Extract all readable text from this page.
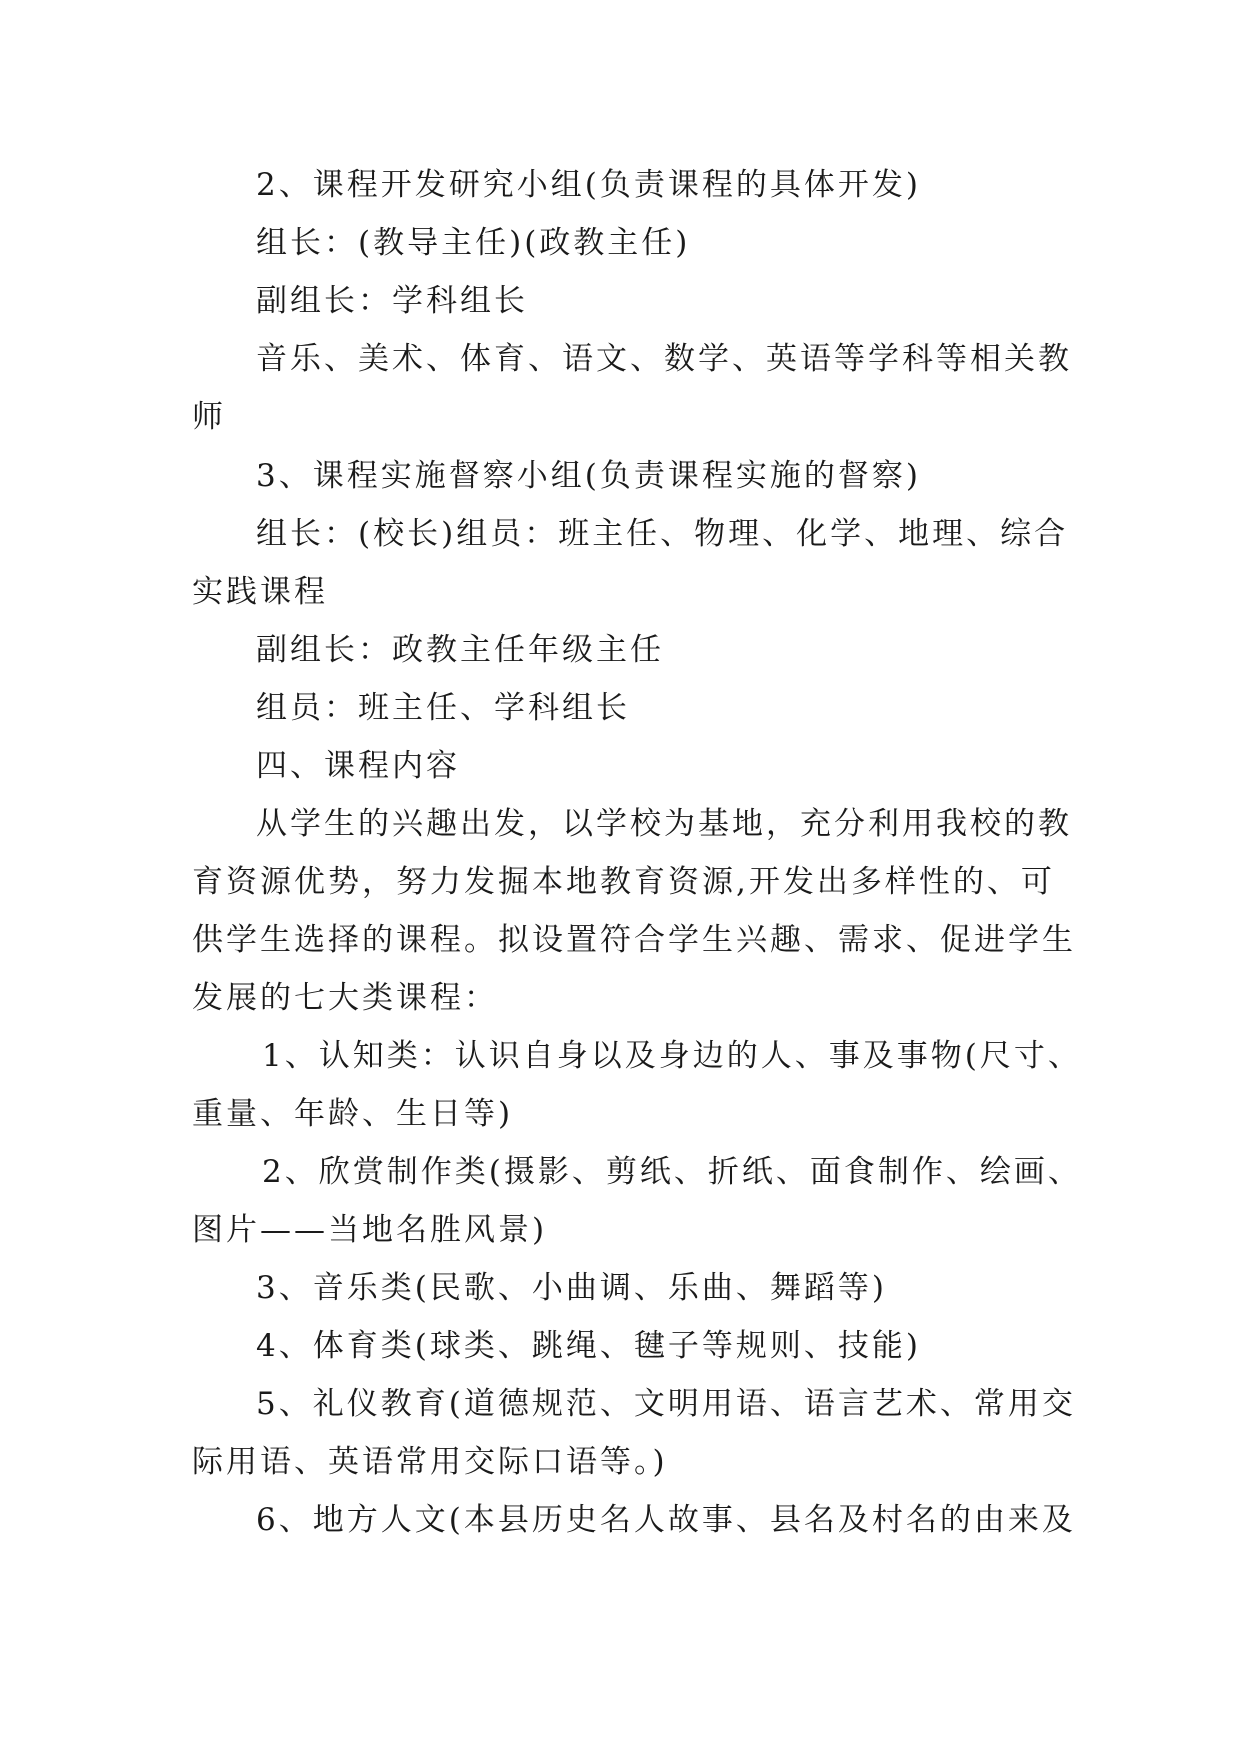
2、课程开发研究小组(负责课程的具体开发)
组长：(教导主任)(政教主任)
副组长：学科组长
音乐、美术、体育、语文、数学、英语等学科等相关教
师
3、课程实施督察小组(负责课程实施的督察)
组长：(校长)组员：班主任、物理、化学、地理、综合
实践课程
副组长：政教主任年级主任
组员：班主任、学科组长
四、课程内容
从学生的兴趣出发，以学校为基地，充分利用我校的教
育资源优势，努力发掘本地教育资源,开发出多样性的、可
供学生选择的课程。拟设置符合学生兴趣、需求、促进学生
发展的七大类课程：
1、认知类：认识自身以及身边的人、事及事物(尺寸、
重量、年龄、生日等)
2、欣赏制作类(摄影、剪纸、折纸、面食制作、绘画、
图片——当地名胜风景)
3、音乐类(民歌、小曲调、乐曲、舞蹈等)
4、体育类(球类、跳绳、毽子等规则、技能)
5、礼仪教育(道德规范、文明用语、语言艺术、常用交
际用语、英语常用交际口语等。)
6、地方人文(本县历史名人故事、县名及村名的由来及
